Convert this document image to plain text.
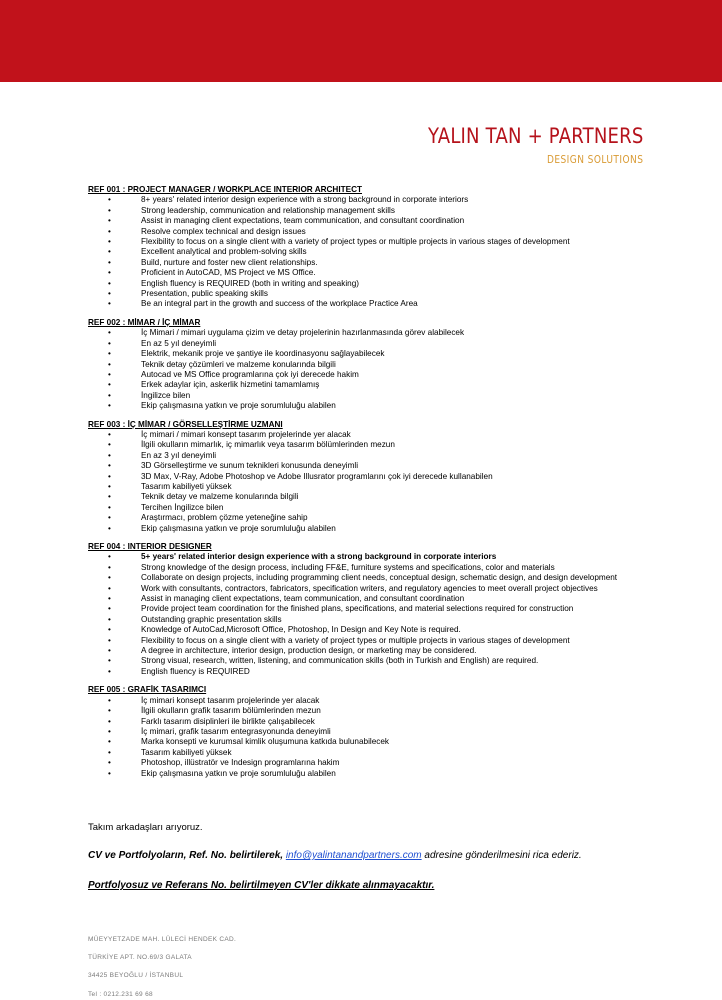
YALIN TAN + PARTNERS
DESIGN SOLUTIONS
REF 001 : PROJECT MANAGER / WORKPLACE INTERIOR ARCHITECT
•	8+ years' related interior design experience with a strong background in corporate interiors
•	Strong leadership, communication and relationship management skills
•	Assist in managing client expectations, team communication, and consultant coordination
•	Resolve complex technical and design issues
•	Flexibility to focus on a single client with a variety of project types or multiple projects in various stages of development
•	Excellent analytical and problem-solving skills
•	Build, nurture and foster new client relationships.
•	Proficient in AutoCAD, MS Project ve MS Office.
•	English fluency is REQUIRED (both in writing and speaking)
•	Presentation, public speaking skills
•	Be an integral part in the growth and success of the workplace Practice Area
REF 002 : MİMAR / İÇ MİMAR
•	İç Mimari / mimari uygulama çizim ve detay projelerinin hazırlanmasında görev alabilecek
•	En az 5 yıl deneyimli
•	Elektrik, mekanik proje ve şantiye ile koordinasyonu sağlayabilecek
•	Teknik detay çözümleri ve malzeme konularında bilgili
•	Autocad ve MS Office programlarına çok iyi derecede hakim
•	Erkek adaylar için, askerlik hizmetini tamamlamış
•	İngilizce bilen
•	Ekip çalışmasına yatkın ve proje sorumluluğu alabilen
REF 003 : İÇ MİMAR / GÖRSELLEŞTİRME UZMANI
•	İç mimari / mimari konsept tasarım projelerinde yer alacak
•	İlgili okulların mimarlık, iç mimarlık veya tasarım bölümlerinden mezun
•	En az 3 yıl deneyimli
•	3D Görselleştirme ve sunum teknikleri konusunda deneyimli
•	3D Max, V-Ray, Adobe Photoshop ve Adobe Illusrator programlarını çok iyi derecede kullanabilen
•	Tasarım kabiliyeti yüksek
•	Teknik detay ve malzeme konularında bilgili
•	Tercihen İngilizce bilen
•	Araştırmacı, problem çözme yeteneğine sahip
•	Ekip çalışmasına yatkın ve proje sorumluluğu alabilen
REF 004 : INTERIOR DESIGNER
•	5+ years' related interior design experience with a strong background in corporate interiors
•	Strong knowledge of the design process, including FF&E, furniture systems and specifications, color and materials
•	Collaborate on design projects, including programming client needs, conceptual design, schematic design, and design development
•	Work with consultants, contractors, fabricators, specification writers, and regulatory agencies to meet overall project objectives
•	Assist in managing client expectations, team communication, and consultant coordination
•	Provide project team coordination for the finished plans, specifications, and material selections required for construction
•	Outstanding graphic presentation skills
•	Knowledge of AutoCad,Microsoft Office, Photoshop, In Design and Key Note is required.
•	Flexibility to focus on a single client with a variety of project types or multiple projects in various stages of development
•	A degree in architecture, interior design, production design, or marketing may be considered.
•	Strong visual, research, written, listening, and communication skills (both in Turkish and English) are required.
•	English fluency is REQUIRED
REF 005 : GRAFİK TASARIMCI
•	İç mimari konsept tasarım projelerinde yer alacak
•	İlgili okulların grafik tasarım bölümlerinden mezun
•	Farklı tasarım disiplinleri ile birlikte çalışabilecek
•	İç mimari, grafik tasarım entegrasyonunda deneyimli
•	Marka konsepti ve kurumsal kimlik oluşumuna katkıda bulunabilecek
•	Tasarım kabiliyeti yüksek
•	Photoshop, illüstratör ve Indesign programlarına hakim
•	Ekip çalışmasına yatkın ve proje sorumluluğu alabilen
Takım arkadaşları arıyoruz.
CV ve Portfolyoların, Ref. No. belirtilerek, info@yalintanandpartners.com adresine gönderilmesini rica ederiz.
Portfolyosuz ve Referans No. belirtilmeyen CV'ler dikkate alınmayacaktır.
MÜEYYETZADE MAH. LÜLECİ HENDEK CAD.
TÜRKİYE APT. NO.69/3 GALATA
34425 BEYOĞLU / İSTANBUL
Tel : 0212.231 69 68
